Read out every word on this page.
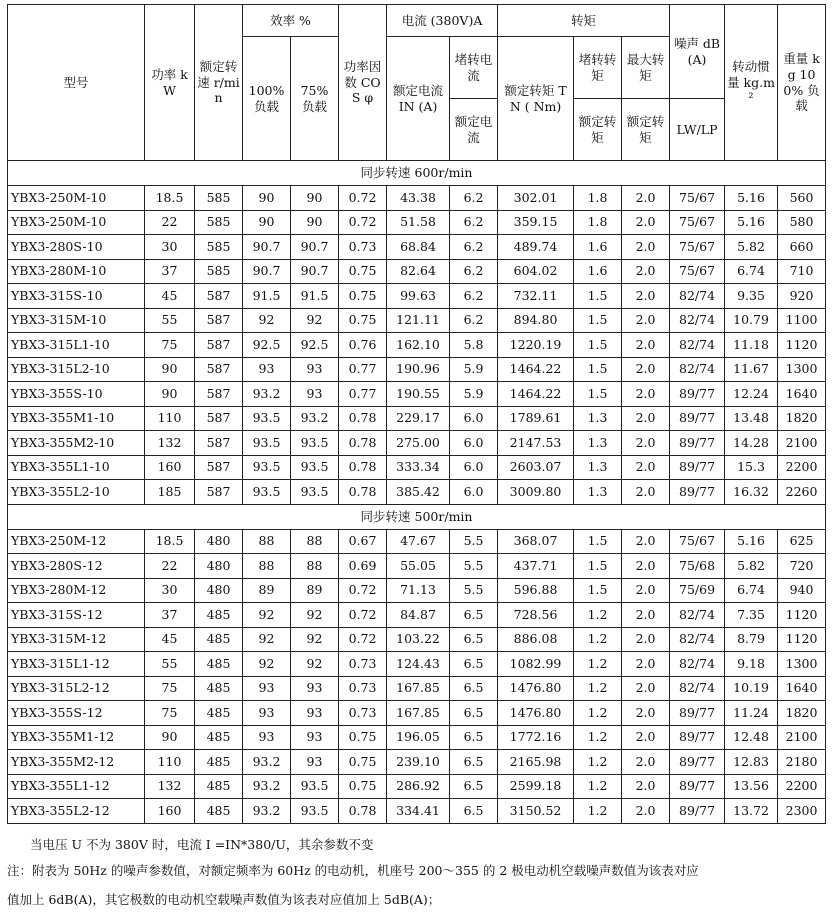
型号	功率 kW	额定转速 r/min	效率 %		功率因数 COS φ	电流 (380V)A		转矩			噪声 dB(A)	转动惯量 kg.m²	重量 kg 100% 负载
			100% 负载	75% 负载		额定电流 IN (A)	堵转电流	额定转矩 TN ( Nm)	堵转转矩	最大转矩			
							额定电流		额定转矩	额定转矩	LW/LP		
同步转速 600r/min													
YBX3-250M-10	18.5	585	90	90	0.72	43.38	6.2	302.01	1.8	2.0	75/67	5.16	560
YBX3-250M-10	22	585	90	90	0.72	51.58	6.2	359.15	1.8	2.0	75/67	5.16	580
YBX3-280S-10	30	585	90.7	90.7	0.73	68.84	6.2	489.74	1.6	2.0	75/67	5.82	660
YBX3-280M-10	37	585	90.7	90.7	0.75	82.64	6.2	604.02	1.6	2.0	75/67	6.74	710
YBX3-315S-10	45	587	91.5	91.5	0.75	99.63	6.2	732.11	1.5	2.0	82/74	9.35	920
YBX3-315M-10	55	587	92	92	0.75	121.11	6.2	894.80	1.5	2.0	82/74	10.79	1100
YBX3-315L1-10	75	587	92.5	92.5	0.76	162.10	5.8	1220.19	1.5	2.0	82/74	11.18	1120
YBX3-315L2-10	90	587	93	93	0.77	190.96	5.9	1464.22	1.5	2.0	82/74	11.67	1300
YBX3-355S-10	90	587	93.2	93	0.77	190.55	5.9	1464.22	1.5	2.0	89/77	12.24	1640
YBX3-355M1-10	110	587	93.5	93.2	0.78	229.17	6.0	1789.61	1.3	2.0	89/77	13.48	1820
YBX3-355M2-10	132	587	93.5	93.5	0.78	275.00	6.0	2147.53	1.3	2.0	89/77	14.28	2100
YBX3-355L1-10	160	587	93.5	93.5	0.78	333.34	6.0	2603.07	1.3	2.0	89/77	15.3	2200
YBX3-355L2-10	185	587	93.5	93.5	0.78	385.42	6.0	3009.80	1.3	2.0	89/77	16.32	2260
同步转速 500r/min													
YBX3-250M-12	18.5	480	88	88	0.67	47.67	5.5	368.07	1.5	2.0	75/67	5.16	625
YBX3-280S-12	22	480	88	88	0.69	55.05	5.5	437.71	1.5	2.0	75/68	5.82	720
YBX3-280M-12	30	480	89	89	0.72	71.13	5.5	596.88	1.5	2.0	75/69	6.74	940
YBX3-315S-12	37	485	92	92	0.72	84.87	6.5	728.56	1.2	2.0	82/74	7.35	1120
YBX3-315M-12	45	485	92	92	0.72	103.22	6.5	886.08	1.2	2.0	82/74	8.79	1120
YBX3-315L1-12	55	485	92	92	0.73	124.43	6.5	1082.99	1.2	2.0	82/74	9.18	1300
YBX3-315L2-12	75	485	93	93	0.73	167.85	6.5	1476.80	1.2	2.0	82/74	10.19	1640
YBX3-355S-12	75	485	93	93	0.73	167.85	6.5	1476.80	1.2	2.0	89/77	11.24	1820
YBX3-355M1-12	90	485	93	93	0.75	196.05	6.5	1772.16	1.2	2.0	89/77	12.48	2100
YBX3-355M2-12	110	485	93.2	93	0.75	239.10	6.5	2165.98	1.2	2.0	89/77	12.83	2180
YBX3-355L1-12	132	485	93.2	93.5	0.75	286.92	6.5	2599.18	1.2	2.0	89/77	13.56	2200
YBX3-355L2-12	160	485	93.2	93.5	0.78	334.41	6.5	3150.52	1.2	2.0	89/77	13.72	2300
当电压 U 不为 380V 时，电流 I =IN*380/U，其余参数不变
注：附表为 50Hz 的噪声参数值，对额定频率为 60Hz 的电动机，机座号 200～355 的 2 极电动机空载噪声数值为该表对应
值加上 6dB(A)，其它极数的电动机空载噪声数值为该表对应值加上 5dB(A)；
